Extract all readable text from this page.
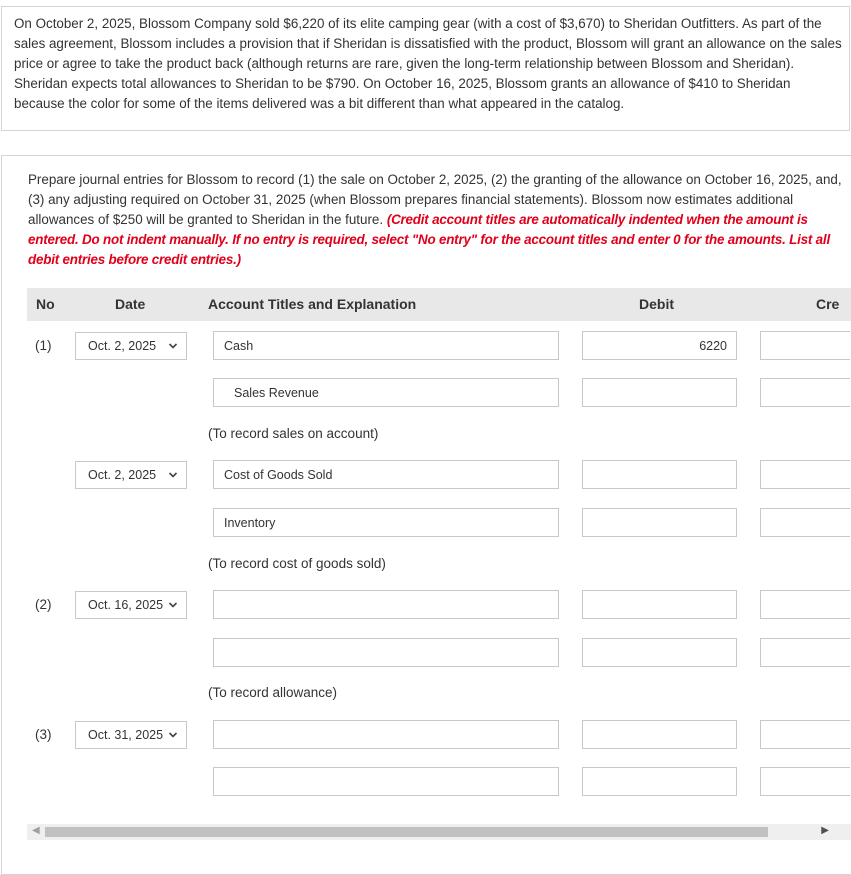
On October 2, 2025, Blossom Company sold $6,220 of its elite camping gear (with a cost of $3,670) to Sheridan Outfitters. As part of the sales agreement, Blossom includes a provision that if Sheridan is dissatisfied with the product, Blossom will grant an allowance on the sales price or agree to take the product back (although returns are rare, given the long-term relationship between Blossom and Sheridan). Sheridan expects total allowances to Sheridan to be $790. On October 16, 2025, Blossom grants an allowance of $410 to Sheridan because the color for some of the items delivered was a bit different than what appeared in the catalog.
Prepare journal entries for Blossom to record (1) the sale on October 2, 2025, (2) the granting of the allowance on October 16, 2025, and, (3) any adjusting required on October 31, 2025 (when Blossom prepares financial statements). Blossom now estimates additional allowances of $250 will be granted to Sheridan in the future. (Credit account titles are automatically indented when the amount is entered. Do not indent manually. If no entry is required, select "No entry" for the account titles and enter 0 for the amounts. List all debit entries before credit entries.)
No	Date	Account Titles and Explanation	Debit	Cre
(1)	Oct. 2, 2025	Cash	6220
Sales Revenue
(To record sales on account)
Oct. 2, 2025	Cost of Goods Sold
Inventory
(To record cost of goods sold)
(2)	Oct. 16, 2025
(To record allowance)
(3)	Oct. 31, 2025
◀	▶
